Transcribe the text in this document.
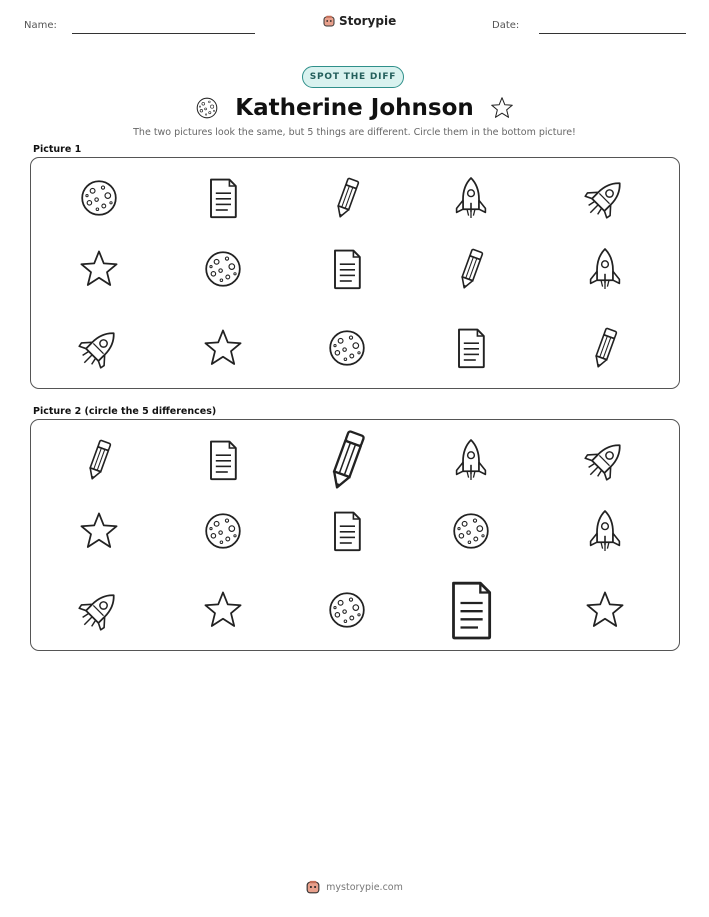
Name:	Storypie	Date:
SPOT THE DIFF
Katherine Johnson
The two pictures look the same, but 5 things are different. Circle them in the bottom picture!
Picture 1
Picture 2 (circle the 5 differences)
mystorypie.com
